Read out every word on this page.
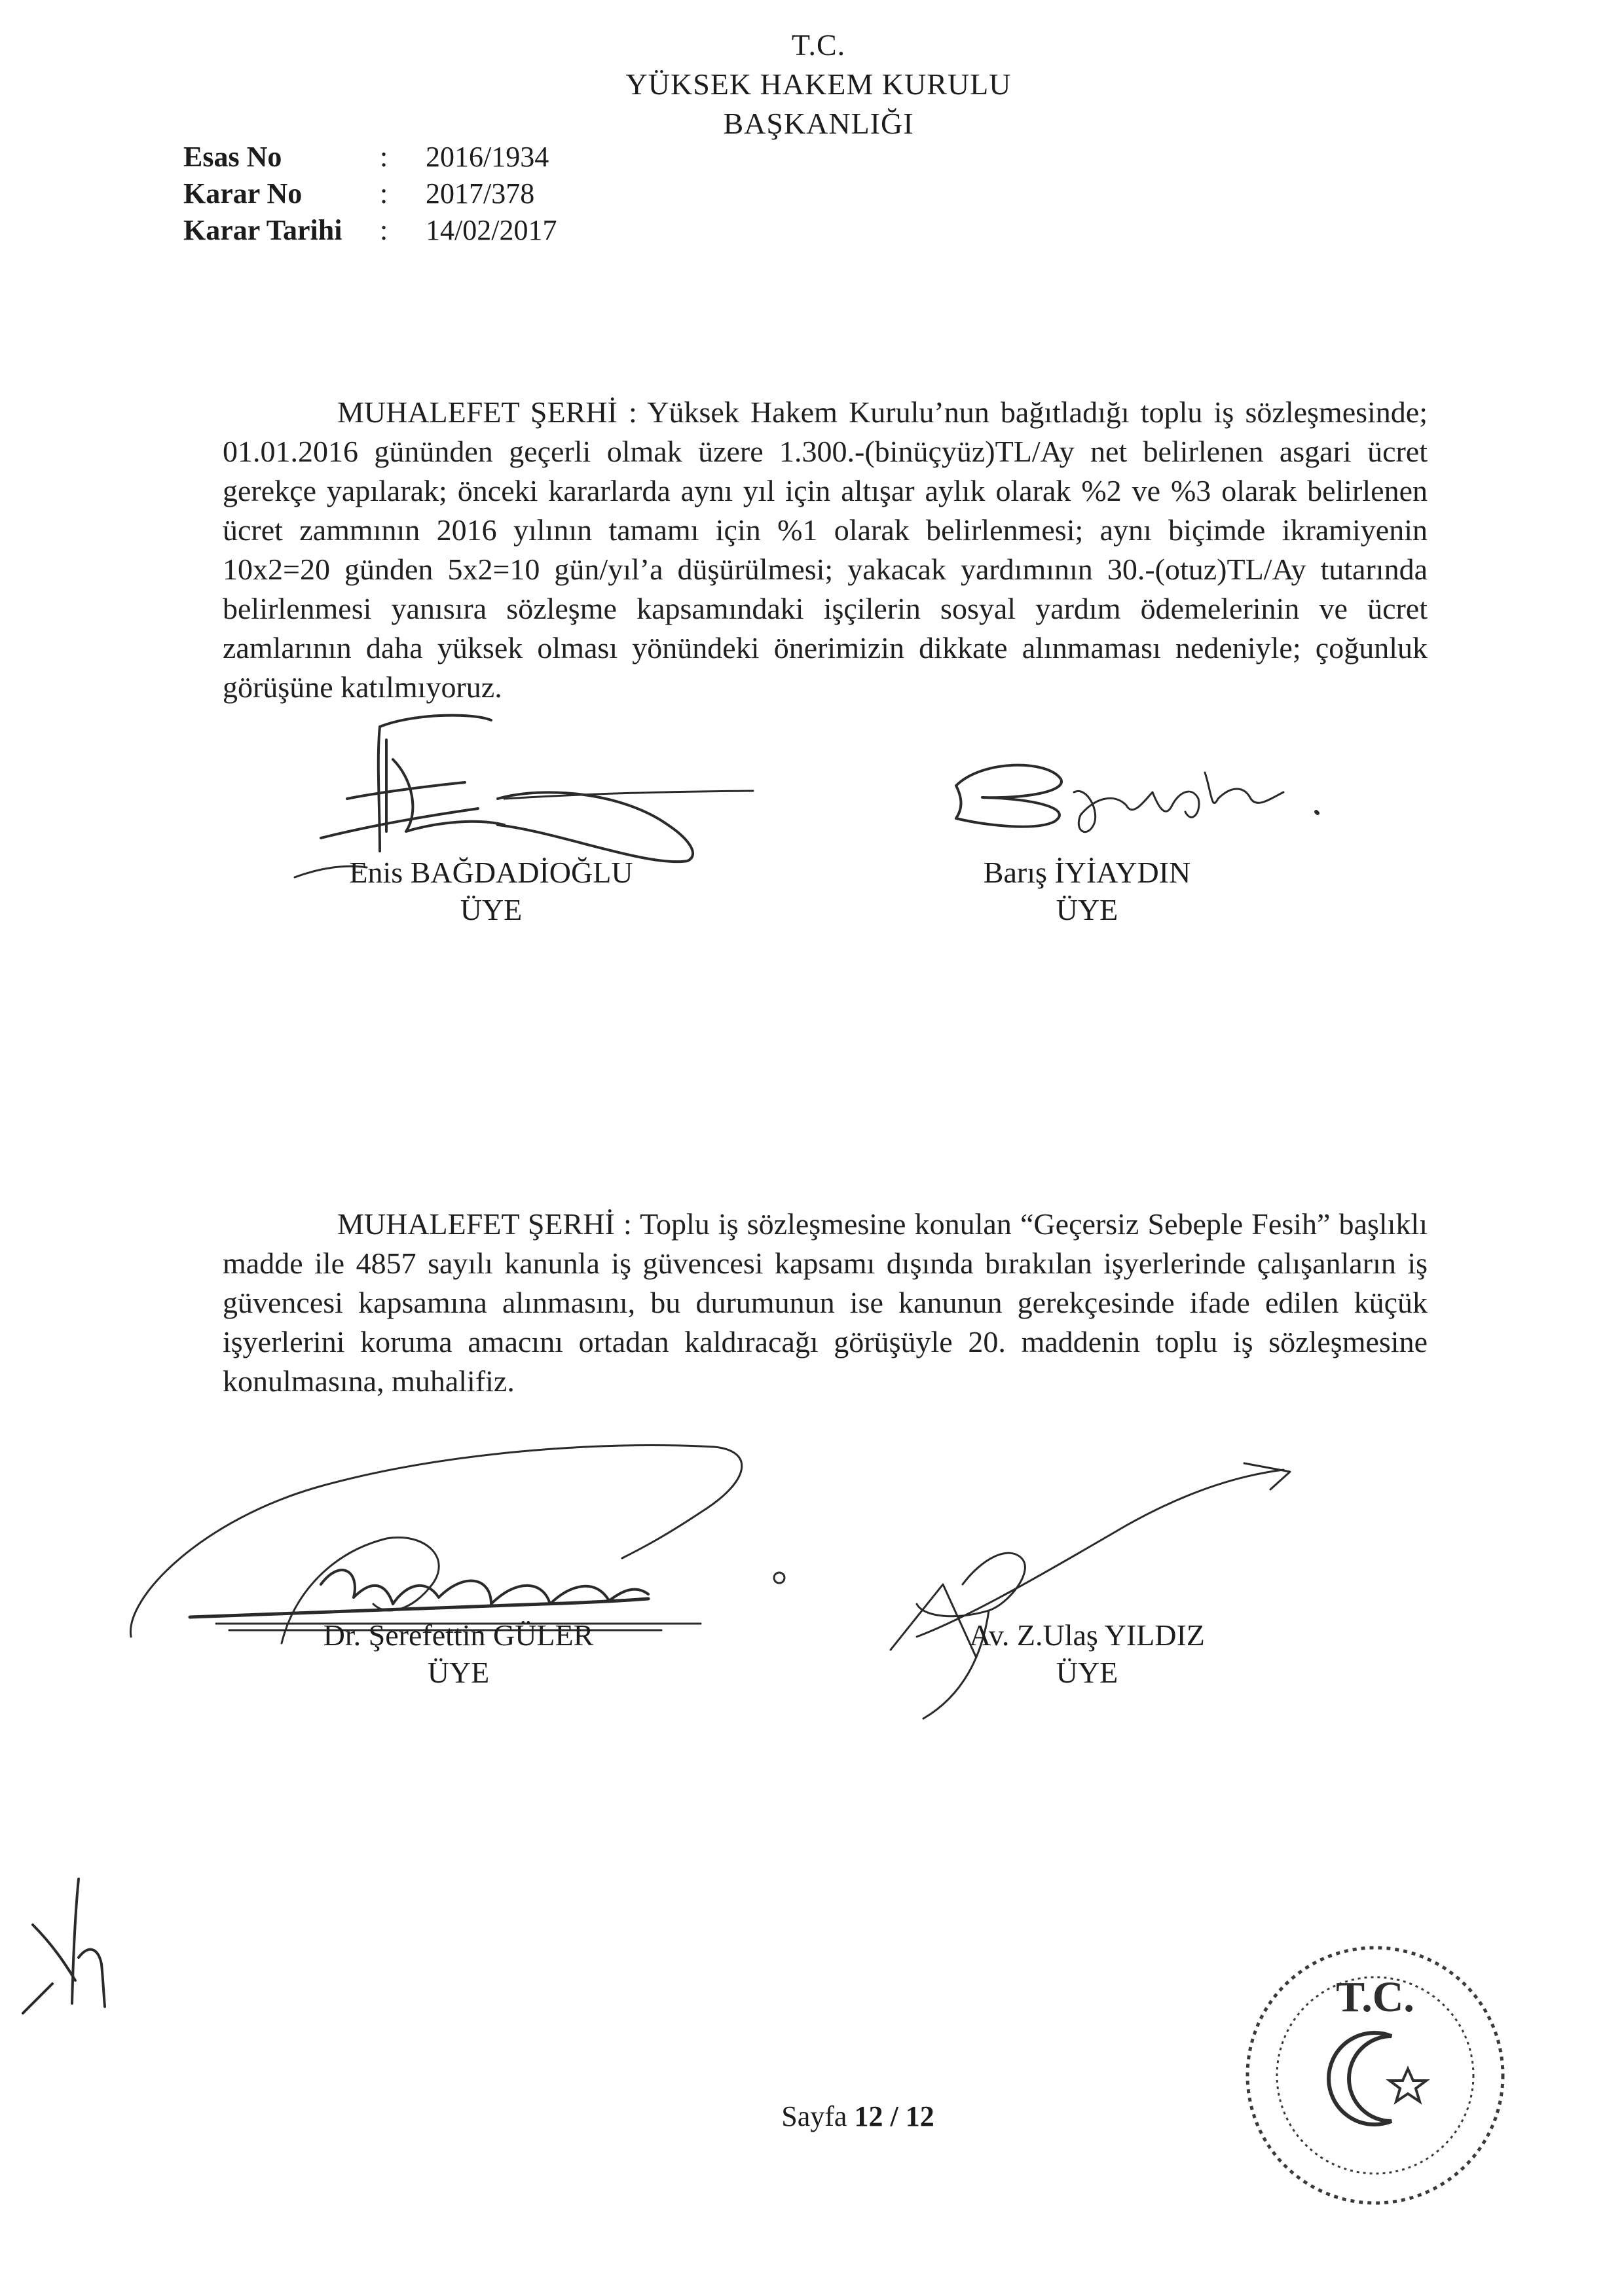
T.C.
YÜKSEK HAKEM KURULU
BAŞKANLIĞI
Esas No	: 2016/1934
Karar No	: 2017/378
Karar Tarihi : 14/02/2017
MUHALEFET ŞERHİ : Yüksek Hakem Kurulu’nun bağıtladığı toplu iş sözleşmesinde; 01.01.2016 gününden geçerli olmak üzere 1.300.-(binüçyüz)TL/Ay net belirlenen asgari ücret gerekçe yapılarak; önceki kararlarda aynı yıl için altışar aylık olarak %2 ve %3 olarak belirlenen ücret zammının 2016 yılının tamamı için %1 olarak belirlenmesi; aynı biçimde ikramiyenin 10x2=20 günden 5x2=10 gün/yıl’a düşürülmesi; yakacak yardımının 30.-(otuz)TL/Ay tutarında belirlenmesi yanısıra sözleşme kapsamındaki işçilerin sosyal yardım ödemelerinin ve ücret zamlarının daha yüksek olması yönündeki önerimizin dikkate alınmaması nedeniyle; çoğunluk görüşüne katılmıyoruz.
Enis BAĞDADİOĞLU
ÜYE
Barış İYİAYDIN
ÜYE
MUHALEFET ŞERHİ : Toplu iş sözleşmesine konulan “Geçersiz Sebeple Fesih” başlıklı madde ile 4857 sayılı kanunla iş güvencesi kapsamı dışında bırakılan işyerlerinde çalışanların iş güvencesi kapsamına alınmasını, bu durumunun ise kanunun gerekçesinde ifade edilen küçük işyerlerini koruma amacını ortadan kaldıracağı görüşüyle 20. maddenin toplu iş sözleşmesine konulmasına, muhalifiz.
Dr. Şerefettin GÜLER
ÜYE
Av. Z.Ulaş YILDIZ
ÜYE
T.C.
Sayfa 12 / 12
